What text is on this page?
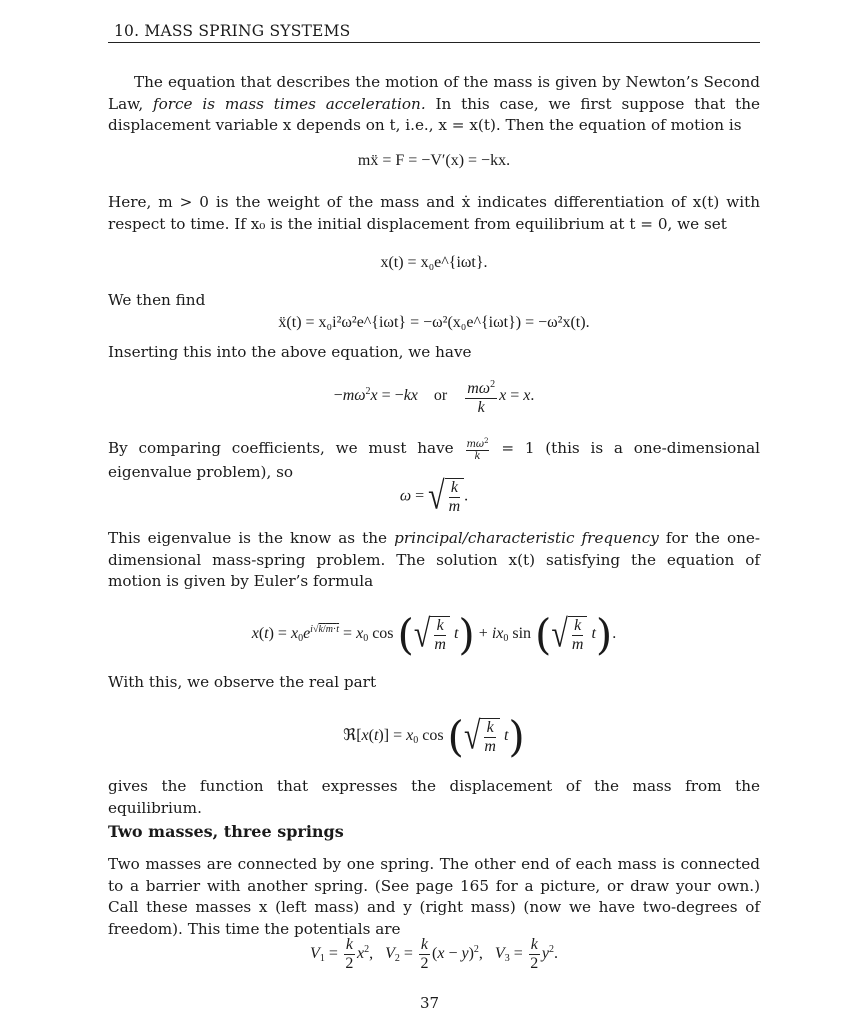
10. MASS SPRING SYSTEMS

The equation that describes the motion of the mass is given by Newton’s Second Law, force is mass times acceleration. In this case, we first suppose that the displacement variable x depends on t, i.e., x = x(t). Then the equation of motion is

mẍ = F = −V′(x) = −kx.

Here, m > 0 is the weight of the mass and ẋ indicates differentiation of x(t) with respect to time. If x₀ is the initial displacement from equilibrium at t = 0, we set

x(t) = x₀e^{iωt}.

We then find

ẍ(t) = x₀i²ω²e^{iωt} = −ω²(x₀e^{iωt}) = −ω²x(t).

Inserting this into the above equation, we have

$-m\omega^2x = -kx$    or $\frac{m\omega^2}{k}$ x = x.

By comparing coefficients, we must have $\frac{m\omega^2}{k} = 1$ (this is a one-dimensional eigenvalue problem), so

ω = √ $\frac{k}{m}$ .

This eigenvalue is the know as the principal/characteristic frequency for the one-dimensional mass-spring problem. The solution x(t) satisfying the equation of motion is given by Euler’s formula

$x(t) = x_0e^{i√k/m\cdot t} = x_0$ cos (√ $\frac{k}{m} t) + ix_0$ sin (√ $\frac{k}{m} t$).

With this, we observe the real part

ℜ[x(t)] = $x_0$ cos (√ $\frac{k}{m} t$)

gives the function that expresses the displacement of the mass from the equilibrium.

Two masses, three springs

Two masses are connected by one spring. The other end of each mass is connected to a barrier with another spring. (See page 165 for a picture, or draw your own.) Call these masses x (left mass) and y (right mass) (now we have two-degrees of freedom). This time the potentials are

$V_1 = \frac{k}{2} x^2$,   $V_2 = \frac{k}{2} (x - y)^2$,   $V_3 = \frac{k}{2} y^2$.
37
